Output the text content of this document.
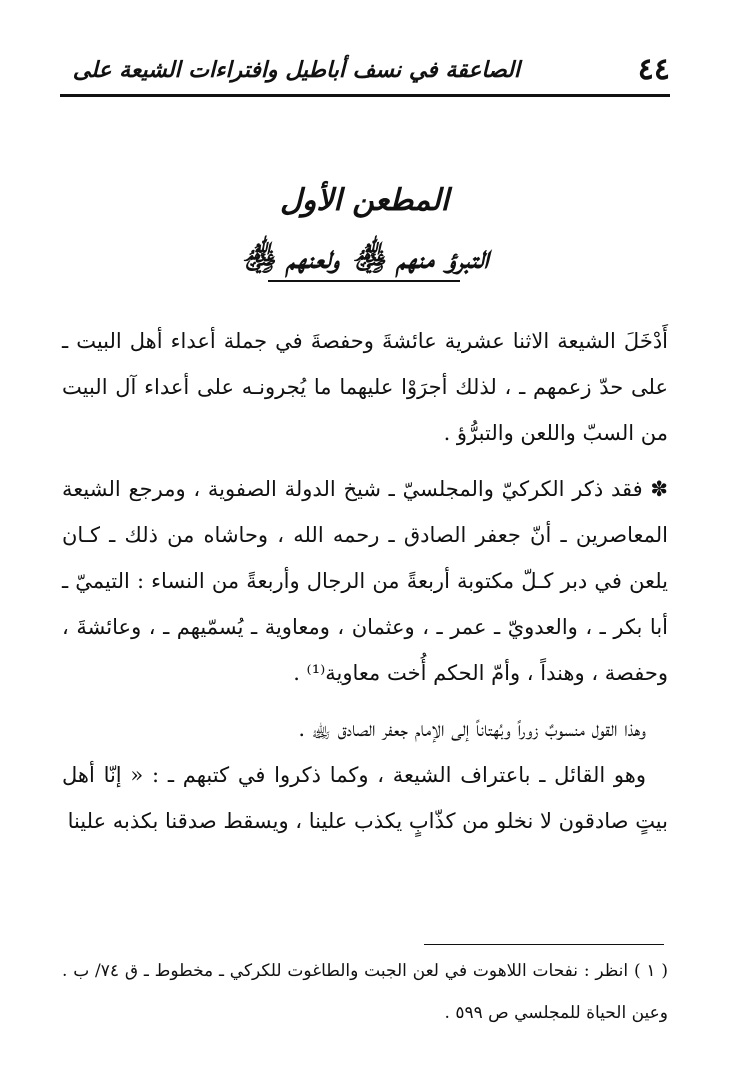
٤٤
الصاعقة في نسف أباطيل وافتراءات الشيعة على
المطعن الأول
التبرؤ منهم ﵃ ولعنهم ﵃

أَدْخَلَ الشيعة الاثنا عشرية عائشةَ وحفصةَ في جملة أعداء أهل البيت ـ على حدّ زعمهم ـ ، لذلك أجرَوْا عليهما ما يُجرونـه على أعداء آل البيت من السبّ واللعن والتبرُّؤ .

✽ فقد ذكر الكركيّ والمجلسيّ ـ شيخ الدولة الصفوية ، ومرجع الشيعة المعاصرين ـ أنّ جعفر الصادق ـ رحمه الله ، وحاشاه من ذلك ـ كـان يلعن في دبر كـلّ مكتوبة أربعةً من الرجال وأربعةً من النساء : التيميّ ـ أبا بكر ـ ، والعدويّ ـ عمر ـ ، وعثمان ، ومعاوية ـ يُسمّيهم ـ ، وعائشةَ ، وحفصة ، وهنداً ، وأمّ الحكم أُخت معاوية⁽¹⁾ .

وهذا القول منسوبٌ زوراً وبُهتاناً إلى الإمام جعفر الصادق ﵀ .

وهو القائل ـ باعتراف الشيعة ، وكما ذكروا في كتبهم ـ : « إنّا أهل بيتٍ صادقون لا نخلو من كذّابٍ يكذب علينا ، ويسقط صدقنا بكذبه علينا

( ١ ) انظر : نفحات اللاهوت في لعن الجبت والطاغوت للكركي ـ مخطوط ـ ق ٧٤/ ب . وعين الحياة للمجلسي ص ٥٩٩ .
